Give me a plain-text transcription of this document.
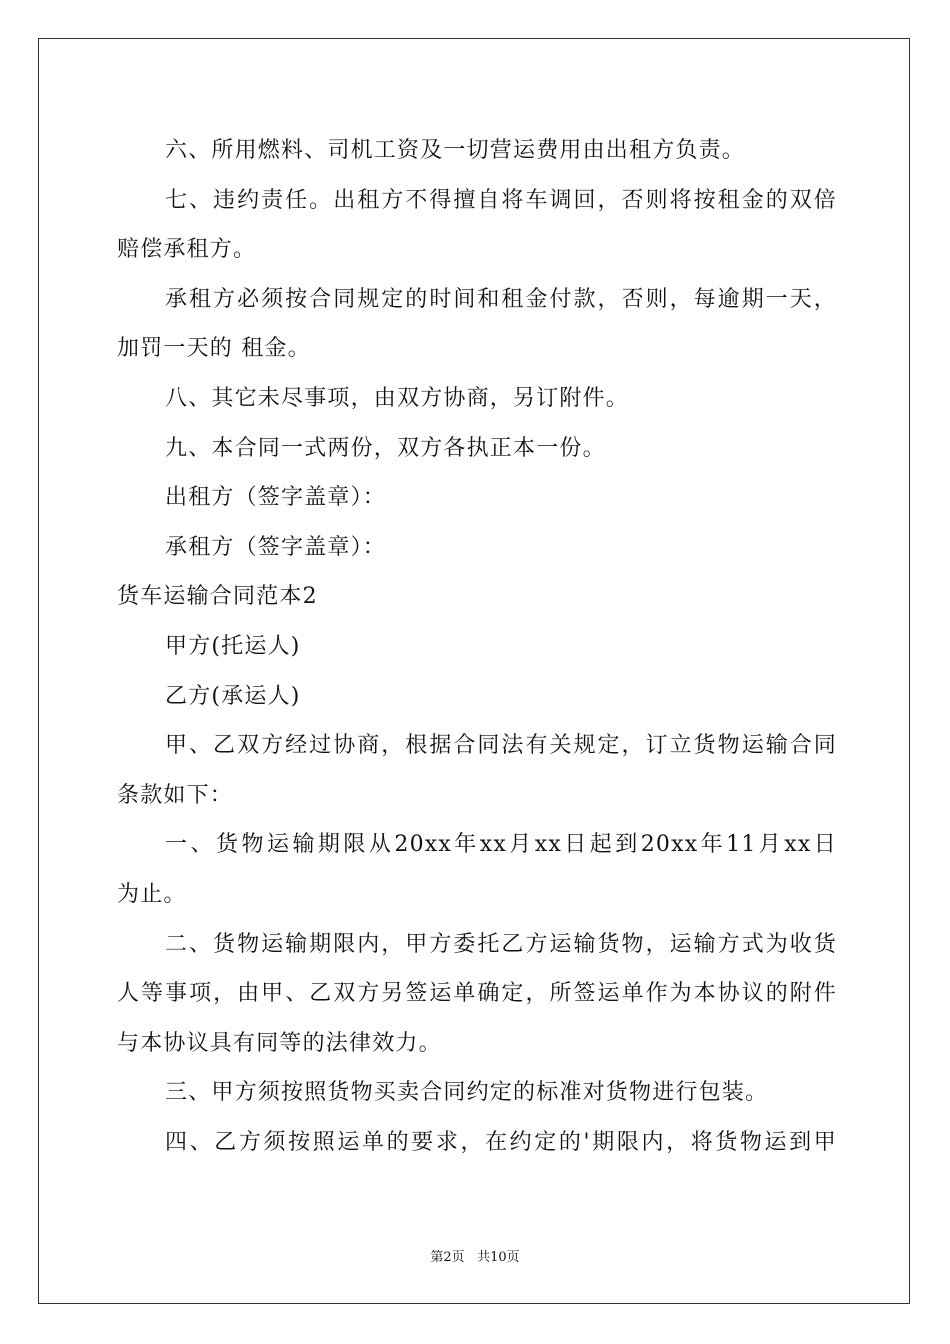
六、所用燃料、司机工资及一切营运费用由出租方负责。
七、违约责任。出租方不得擅自将车调回，否则将按租金的双倍
赔偿承租方。
承租方必须按合同规定的时间和租金付款，否则，每逾期一天，
加罚一天的 租金。
八、其它未尽事项，由双方协商，另订附件。
九、本合同一式两份，双方各执正本一份。
出租方（签字盖章）：
承租方（签字盖章）：
货车运输合同范本2
甲方(托运人)
乙方(承运人)
甲、乙双方经过协商，根据合同法有关规定，订立货物运输合同
条款如下：
一、货物运输期限从20xx年xx月xx日起到20xx年11月xx日
为止。
二、货物运输期限内，甲方委托乙方运输货物，运输方式为收货
人等事项，由甲、乙双方另签运单确定，所签运单作为本协议的附件
与本协议具有同等的法律效力。
三、甲方须按照货物买卖合同约定的标准对货物进行包装。
四、乙方须按照运单的要求，在约定的'期限内，将货物运到甲
第2页 共10页
